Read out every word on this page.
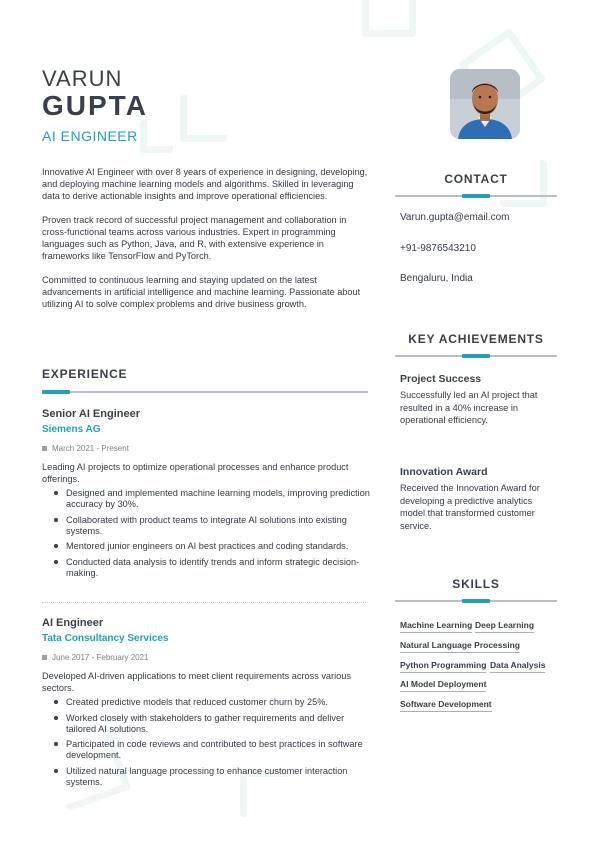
VARUN
GUPTA
AI ENGINEER

Innovative AI Engineer with over 8 years of experience in designing, developing, and deploying machine learning models and algorithms. Skilled in leveraging data to derive actionable insights and improve operational efficiencies.

Proven track record of successful project management and collaboration in cross-functional teams across various industries. Expert in programming languages such as Python, Java, and R, with extensive experience in frameworks like TensorFlow and PyTorch.

Committed to continuous learning and staying updated on the latest advancements in artificial intelligence and machine learning. Passionate about utilizing AI to solve complex problems and drive business growth.

EXPERIENCE
Senior AI Engineer
Siemens AG
March 2021 - Present
Leading AI projects to optimize operational processes and enhance product offerings.
Designed and implemented machine learning models, improving prediction accuracy by 30%.
Collaborated with product teams to integrate AI solutions into existing systems.
Mentored junior engineers on AI best practices and coding standards.
Conducted data analysis to identify trends and inform strategic decision-making.
AI Engineer
Tata Consultancy Services
June 2017 - February 2021
Developed AI-driven applications to meet client requirements across various sectors.
Created predictive models that reduced customer churn by 25%.
Worked closely with stakeholders to gather requirements and deliver tailored AI solutions.
Participated in code reviews and contributed to best practices in software development.
Utilized natural language processing to enhance customer interaction systems.
CONTACT
Varun.gupta@email.com
+91-9876543210
Bengaluru, India
KEY ACHIEVEMENTS
Project Success
Successfully led an AI project that resulted in a 40% increase in operational efficiency.
Innovation Award
Received the Innovation Award for developing a predictive analytics model that transformed customer service.
SKILLS
Machine Learning Deep Learning
Natural Language Processing
Python Programming Data Analysis
AI Model Deployment
Software Development
